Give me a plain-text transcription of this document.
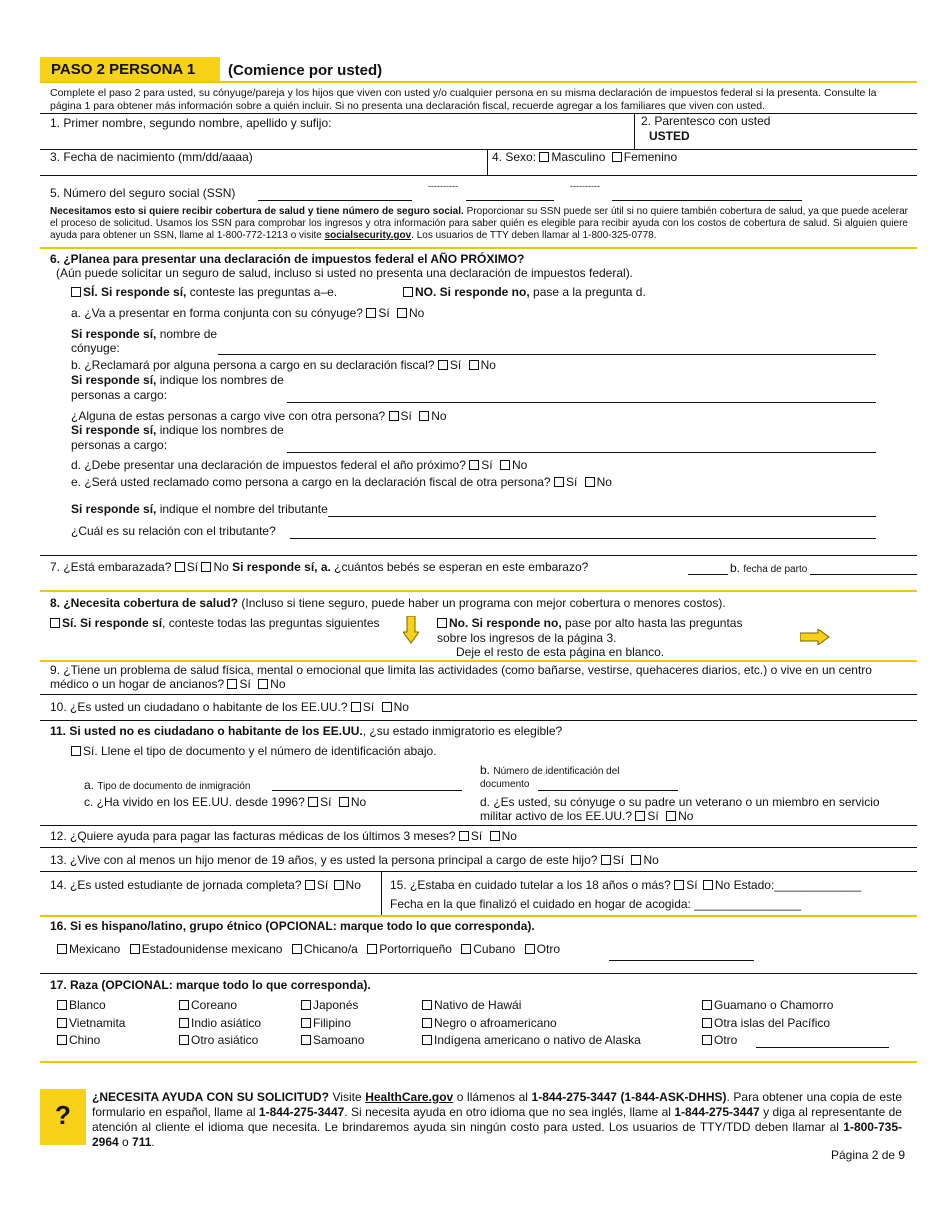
PASO 2 PERSONA 1 (Comience por usted)
Complete el paso 2 para usted, su cónyuge/pareja y los hijos que viven con usted y/o cualquier persona en su misma declaración de impuestos federal si la presenta. Consulte la página 1 para obtener más información sobre a quién incluir. Si no presenta una declaración fiscal, recuerde agregar a los familiares que viven con usted.
1. Primer nombre, segundo nombre, apellido y sufijo:	2. Parentesco con usted
USTED
3. Fecha de nacimiento (mm/dd/aaaa)	4. Sexo: Masculino Femenino
5. Número del seguro social (SSN)	----------	----------
Necesitamos esto si quiere recibir cobertura de salud y tiene número de seguro social. Proporcionar su SSN puede ser útil si no quiere también cobertura de salud, ya que puede acelerar el proceso de solicitud. Usamos los SSN para comprobar los ingresos y otra información para saber quién es elegible para recibir ayuda con los costos de cobertura de salud. Si alguien quiere ayuda para obtener un SSN, llame al 1-800-772-1213 o visite socialsecurity.gov. Los usuarios de TTY deben llamar al 1-800-325-0778.
6. ¿Planea para presentar una declaración de impuestos federal el AÑO PRÓXIMO?
(Aún puede solicitar un seguro de salud, incluso si usted no presenta una declaración de impuestos federal).
SÍ. Si responde sí, conteste las preguntas a–e.	NO. Si responde no, pase a la pregunta d.
a. ¿Va a presentar en forma conjunta con su cónyuge? Sí No
Si responde sí, nombre de
cónyuge:
b. ¿Reclamará por alguna persona a cargo en su declaración fiscal? Sí No
Si responde sí, indique los nombres de
personas a cargo:
¿Alguna de estas personas a cargo vive con otra persona? Sí No
Si responde sí, indique los nombres de
personas a cargo:
d. ¿Debe presentar una declaración de impuestos federal el año próximo? Sí No
e. ¿Será usted reclamado como persona a cargo en la declaración fiscal de otra persona? Sí No
Si responde sí, indique el nombre del tributante
¿Cuál es su relación con el tributante?
7. ¿Está embarazada? Sí No Si responde sí, a. ¿cuántos bebés se esperan en este embarazo?	b. fecha de parto
8. ¿Necesita cobertura de salud? (Incluso si tiene seguro, puede haber un programa con mejor cobertura o menores costos).
Sí. Si responde sí, conteste todas las preguntas siguientes	No. Si responde no, pase por alto hasta las preguntas
sobre los ingresos de la página 3.
Deje el resto de esta página en blanco.
9. ¿Tiene un problema de salud física, mental o emocional que limita las actividades (como bañarse, vestirse, quehaceres diarios, etc.) o vive en un centro médico o un hogar de ancianos? Sí No
10. ¿Es usted un ciudadano o habitante de los EE.UU.? Sí No
11. Si usted no es ciudadano o habitante de los EE.UU., ¿su estado inmigratorio es elegible?
Sí. Llene el tipo de documento y el número de identificación abajo.
b. Número de identificación del
documento
a. Tipo de documento de inmigración
c. ¿Ha vivido en los EE.UU. desde 1996? Sí No	d. ¿Es usted, su cónyuge o su padre un veterano o un miembro en servicio
militar activo de los EE.UU.? Sí No
12. ¿Quiere ayuda para pagar las facturas médicas de los últimos 3 meses? Sí No
13. ¿Vive con al menos un hijo menor de 19 años, y es usted la persona principal a cargo de este hijo? Sí No
14. ¿Es usted estudiante de jornada completa? Sí No 15. ¿Estaba en cuidado tutelar a los 18 años o más? Sí No Estado:_____________
Fecha en la que finalizó el cuidado en hogar de acogida: ________________
16. Si es hispano/latino, grupo étnico (OPCIONAL: marque todo lo que corresponda).
Mexicano Estadounidense mexicano Chicano/a Portorriqueño Cubano Otro
17. Raza (OPCIONAL: marque todo lo que corresponda).
Blanco	Coreano	Japonés	Nativo de Hawái	Guamano o Chamorro
Vietnamita	Indio asiático	Filipino	Negro o afroamericano	Otra islas del Pacífico
Chino	Otro asiático	Samoano	Indígena americano o nativo de Alaska	Otro
?
¿NECESITA AYUDA CON SU SOLICITUD? Visite HealthCare.gov o llámenos al 1-844-275-3447 (1-844-ASK-DHHS). Para obtener una copia de este formulario en español, llame al 1-844-275-3447. Si necesita ayuda en otro idioma que no sea inglés, llame al 1-844-275-3447 y diga al representante de atención al cliente el idioma que necesita. Le brindaremos ayuda sin ningún costo para usted. Los usuarios de TTY/TDD deben llamar al 1-800-735-2964 o 711.
Página 2 de 9
